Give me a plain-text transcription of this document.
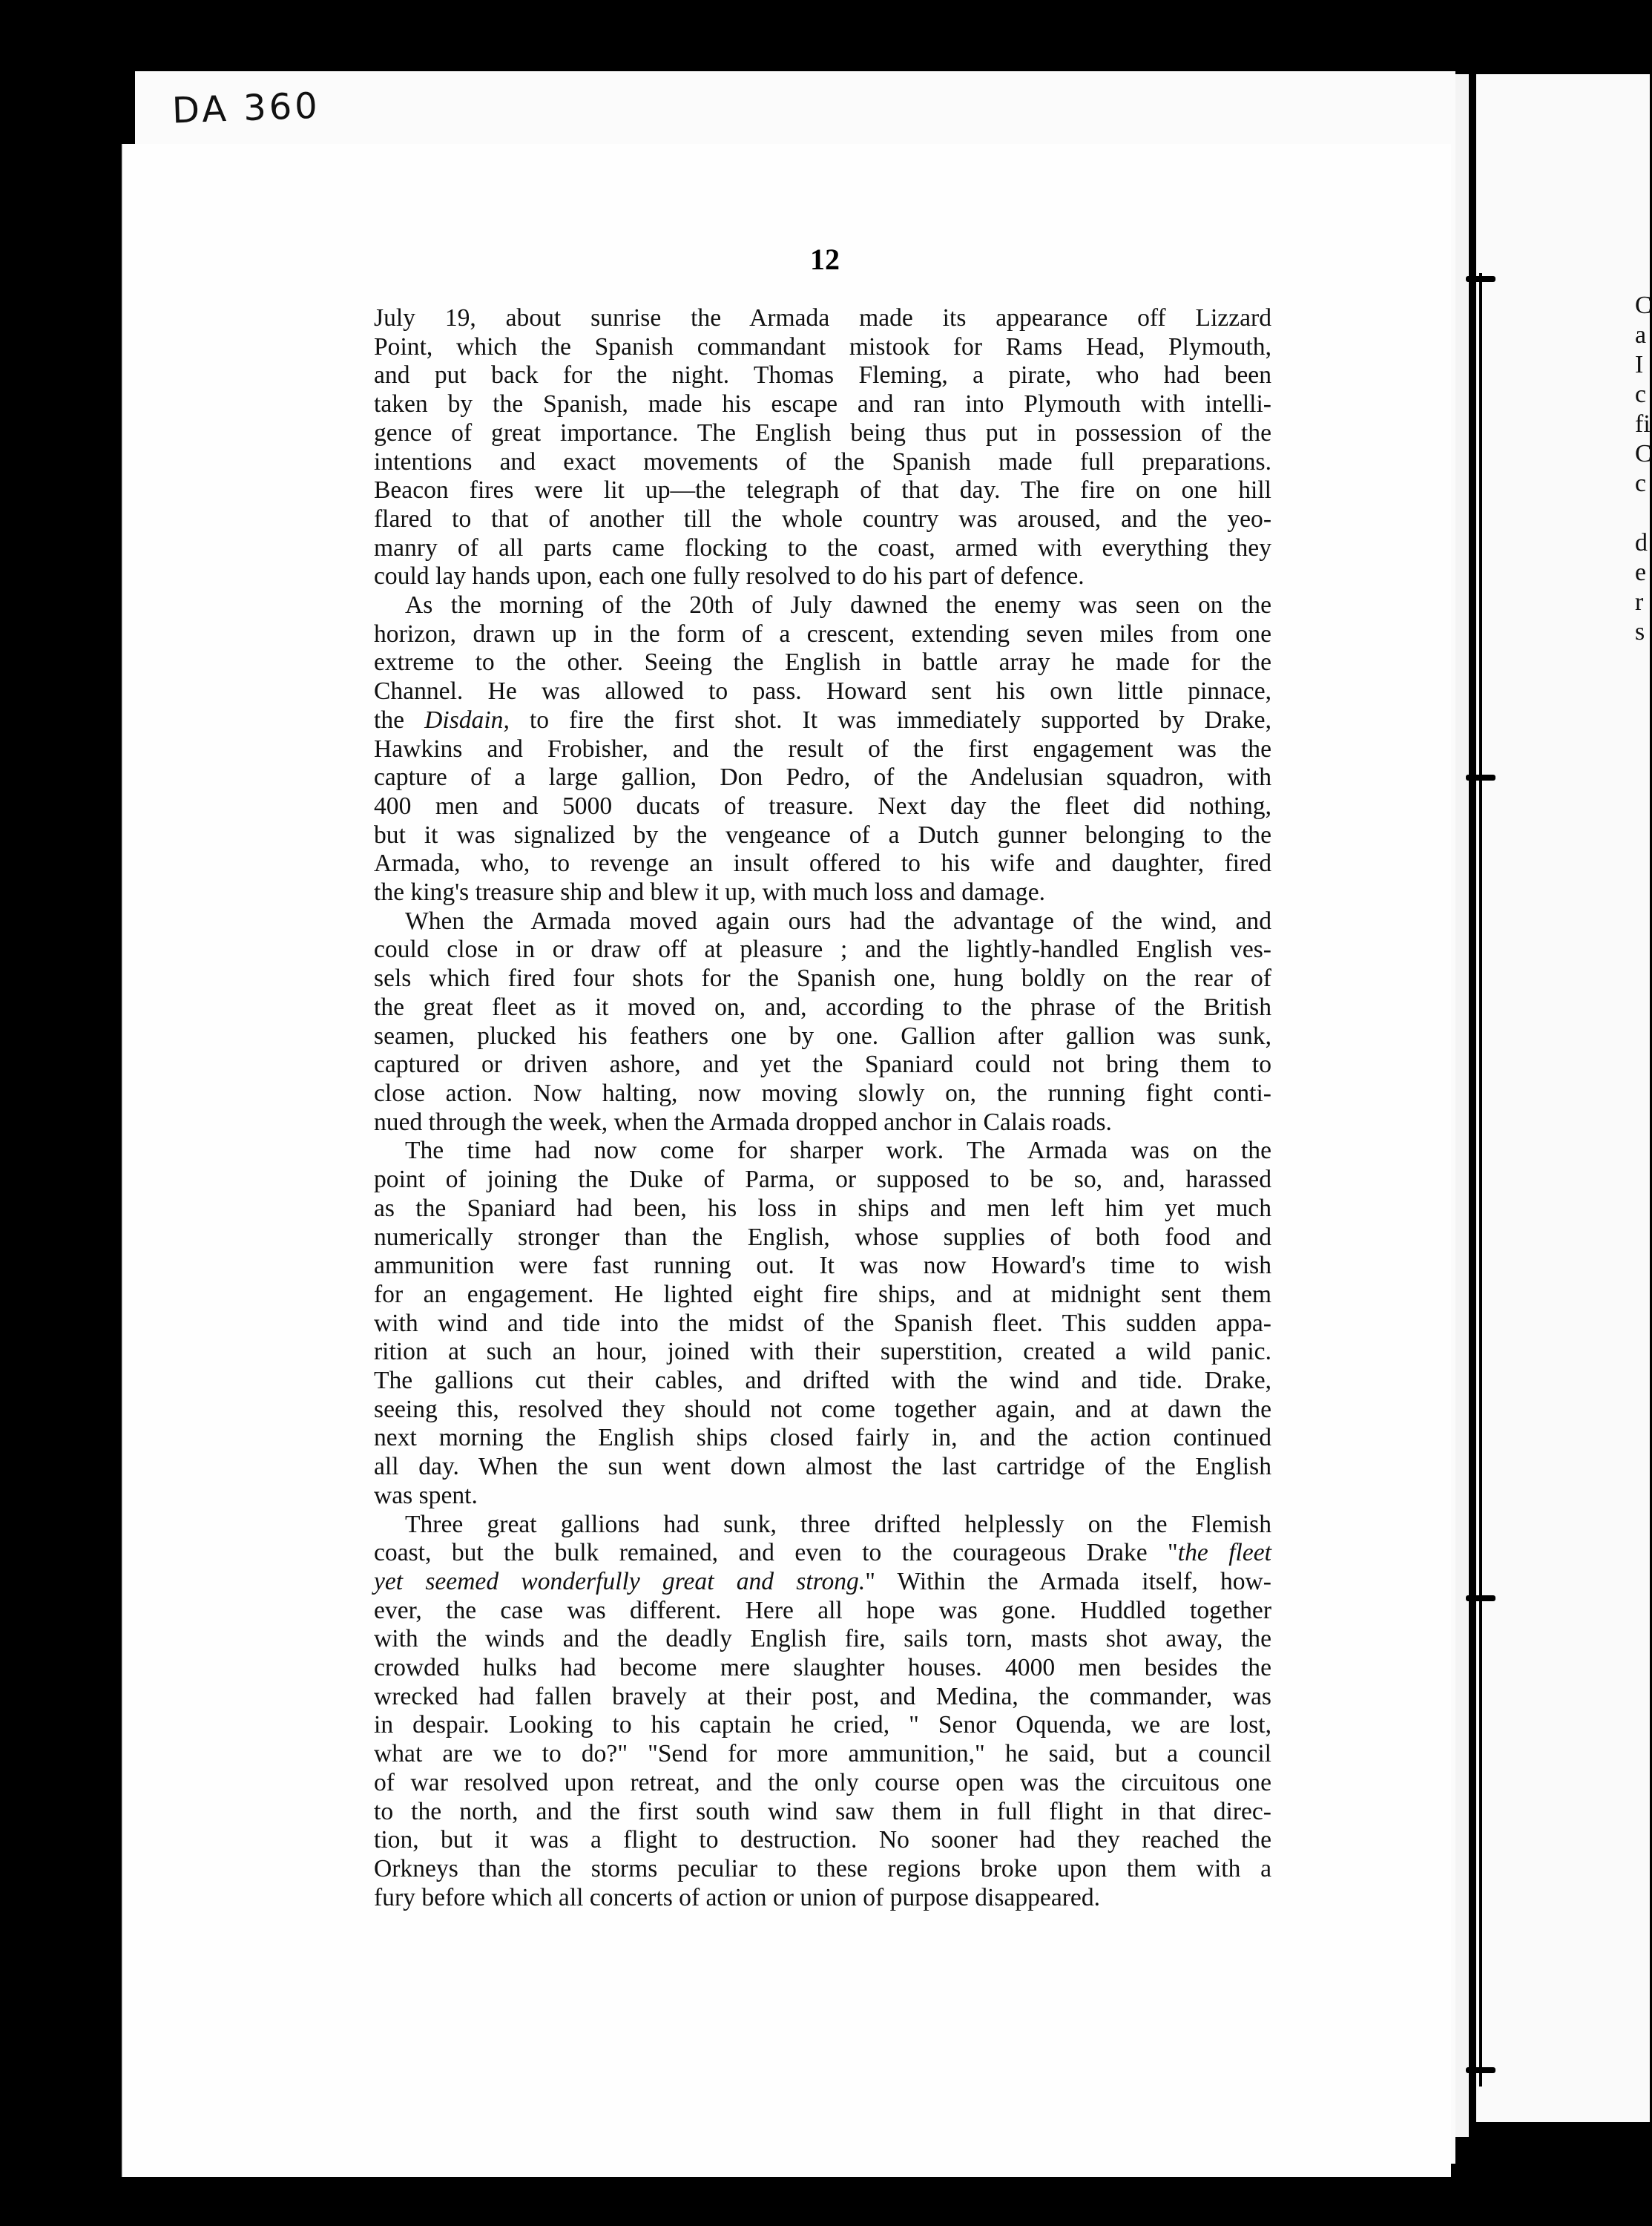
DA 360
12
July 19, about sunrise the Armada made its appearance off Lizzard
Point, which the Spanish commandant mistook for Rams Head, Plymouth,
and put back for the night. Thomas Fleming, a pirate, who had been
taken by the Spanish, made his escape and ran into Plymouth with intelli-
gence of great importance. The English being thus put in possession of the
intentions and exact movements of the Spanish made full preparations.
Beacon fires were lit up—the telegraph of that day. The fire on one hill
flared to that of another till the whole country was aroused, and the yeo-
manry of all parts came flocking to the coast, armed with everything they
could lay hands upon, each one fully resolved to do his part of defence.
As the morning of the 20th of July dawned the enemy was seen on the
horizon, drawn up in the form of a crescent, extending seven miles from one
extreme to the other. Seeing the English in battle array he made for the
Channel. He was allowed to pass. Howard sent his own little pinnace,
the Disdain, to fire the first shot. It was immediately supported by Drake,
Hawkins and Frobisher, and the result of the first engagement was the
capture of a large gallion, Don Pedro, of the Andelusian squadron, with
400 men and 5000 ducats of treasure. Next day the fleet did nothing,
but it was signalized by the vengeance of a Dutch gunner belonging to the
Armada, who, to revenge an insult offered to his wife and daughter, fired
the king's treasure ship and blew it up, with much loss and damage.
When the Armada moved again ours had the advantage of the wind, and
could close in or draw off at pleasure ; and the lightly-handled English ves-
sels which fired four shots for the Spanish one, hung boldly on the rear of
the great fleet as it moved on, and, according to the phrase of the British
seamen, plucked his feathers one by one. Gallion after gallion was sunk,
captured or driven ashore, and yet the Spaniard could not bring them to
close action. Now halting, now moving slowly on, the running fight conti-
nued through the week, when the Armada dropped anchor in Calais roads.
The time had now come for sharper work. The Armada was on the
point of joining the Duke of Parma, or supposed to be so, and, harassed
as the Spaniard had been, his loss in ships and men left him yet much
numerically stronger than the English, whose supplies of both food and
ammunition were fast running out. It was now Howard's time to wish
for an engagement. He lighted eight fire ships, and at midnight sent them
with wind and tide into the midst of the Spanish fleet. This sudden appa-
rition at such an hour, joined with their superstition, created a wild panic.
The gallions cut their cables, and drifted with the wind and tide. Drake,
seeing this, resolved they should not come together again, and at dawn the
next morning the English ships closed fairly in, and the action continued
all day. When the sun went down almost the last cartridge of the English
was spent.
Three great gallions had sunk, three drifted helplessly on the Flemish
coast, but the bulk remained, and even to the courageous Drake "the fleet
yet seemed wonderfully great and strong." Within the Armada itself, how-
ever, the case was different. Here all hope was gone. Huddled together
with the winds and the deadly English fire, sails torn, masts shot away, the
crowded hulks had become mere slaughter houses. 4000 men besides the
wrecked had fallen bravely at their post, and Medina, the commander, was
in despair. Looking to his captain he cried, " Senor Oquenda, we are lost,
what are we to do?" "Send for more ammunition," he said, but a council
of war resolved upon retreat, and the only course open was the circuitous one
to the north, and the first south wind saw them in full flight in that direc-
tion, but it was a flight to destruction. No sooner had they reached the
Orkneys than the storms peculiar to these regions broke upon them with a
fury before which all concerts of action or union of purpose disappeared.
C
a
I
c
fi
C
c

d
e
r
s
